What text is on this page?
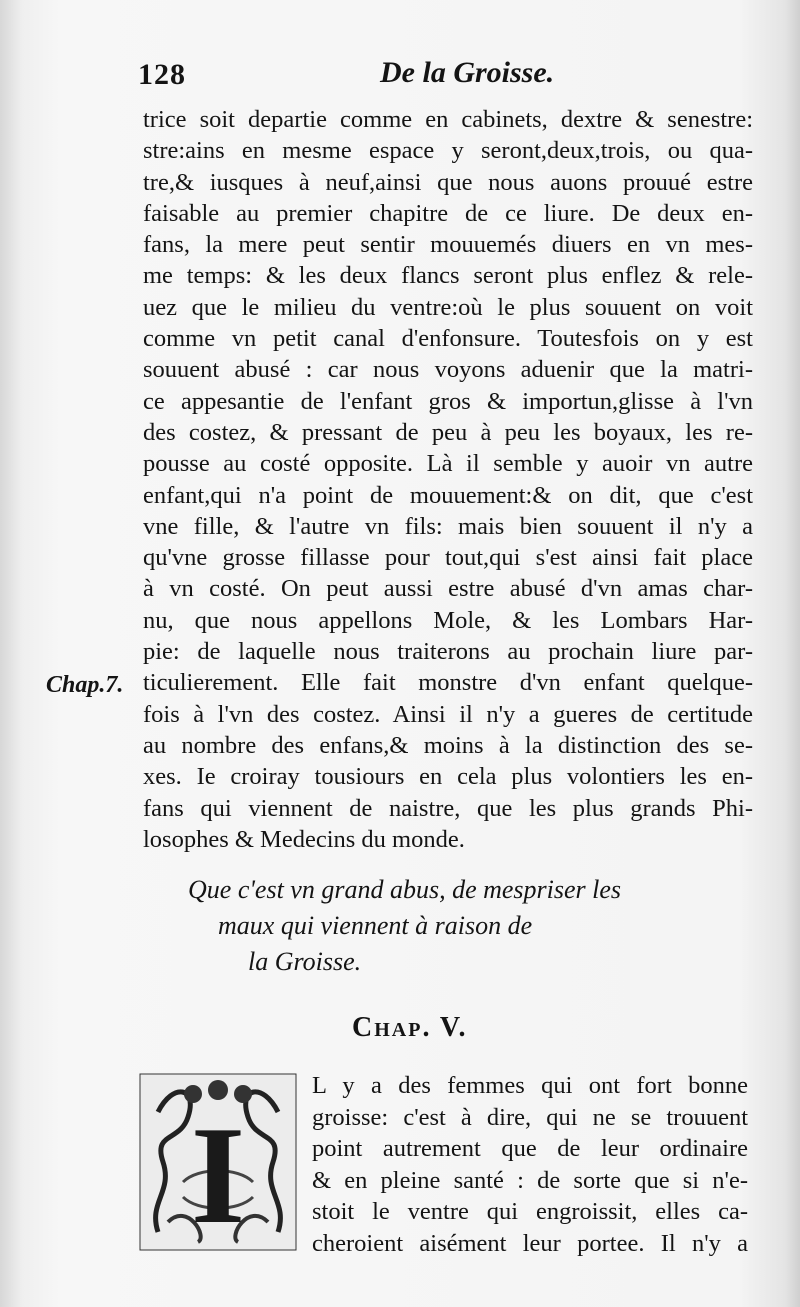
128	De la Groisse.
trice soit departie comme en cabinets, dextre & senestre:
stre:ains en mesme espace y seront,deux,trois, ou qua-
tre,& iusques à neuf,ainsi que nous auons prouué estre
faisable au premier chapitre de ce liure. De deux en-
fans, la mere peut sentir mouuemés diuers en vn mes-
me temps: & les deux flancs seront plus enflez & rele-
uez que le milieu du ventre:où le plus souuent on voit
comme vn petit canal d'enfonsure. Toutesfois on y est
souuent abusé : car nous voyons aduenir que la matri-
ce appesantie de l'enfant gros & importun,glisse à l'vn
des costez, & pressant de peu à peu les boyaux, les re-
pousse au costé opposite. Là il semble y auoir vn autre
enfant,qui n'a point de mouuement:& on dit, que c'est
vne fille, & l'autre vn fils: mais bien souuent il n'y a
qu'vne grosse fillasse pour tout,qui s'est ainsi fait place
à vn costé. On peut aussi estre abusé d'vn amas char-
nu, que nous appellons Mole, & les Lombars Har-
pie: de laquelle nous traiterons au prochain liure par-
ticulierement. Elle fait monstre d'vn enfant quelque-
fois à l'vn des costez. Ainsi il n'y a gueres de certitude
au nombre des enfans,& moins à la distinction des se-
xes. Ie croiray tousiours en cela plus volontiers les en-
fans qui viennent de naistre, que les plus grands Phi-
losophes & Medecins du monde.
Chap.7.
Que c'est vn grand abus, de mespriser les
maux qui viennent à raison de
la Groisse.
Chap. V.
I
L y a des femmes qui ont fort bonne
groisse: c'est à dire, qui ne se trouuent
point autrement que de leur ordinaire
& en pleine santé : de sorte que si n'e-
stoit le ventre qui engroissit, elles ca-
cheroient aisément leur portee. Il n'y a
